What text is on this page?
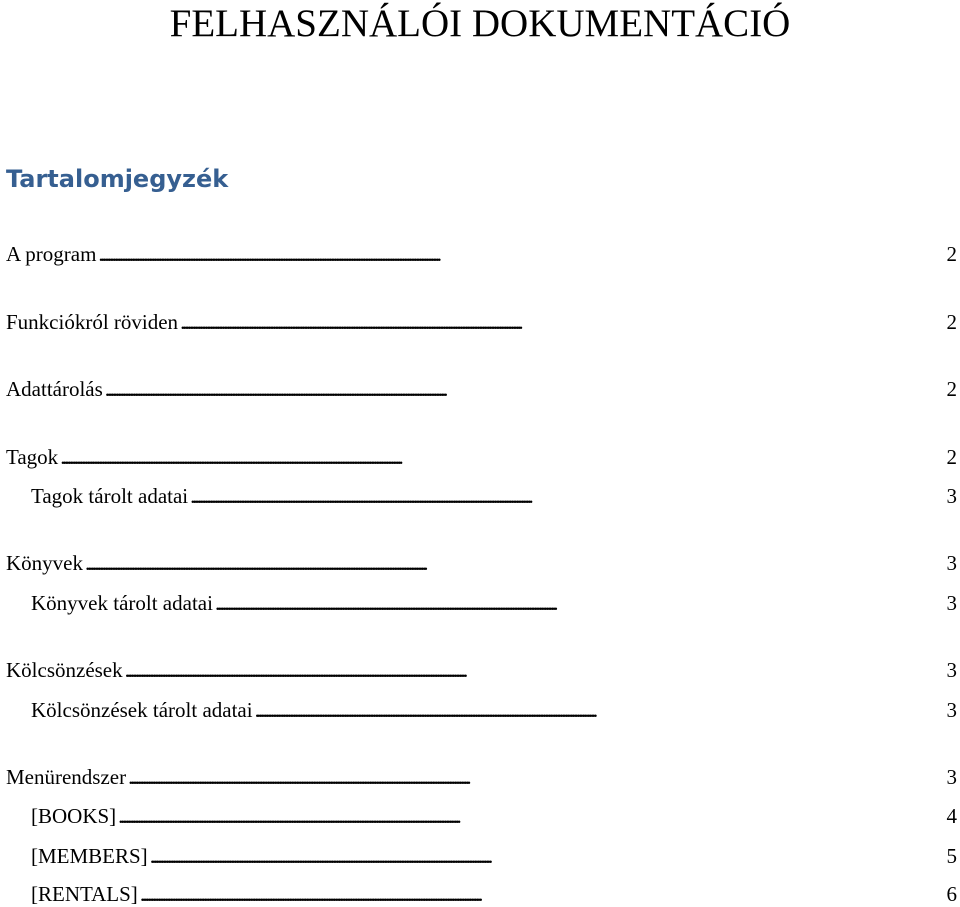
FELHASZNÁLÓI DOKUMENTÁCIÓ
Tartalomjegyzék
A program . . .	2
Funkciókról röviden . . .	2
Adattárolás . . .	2
Tagok . . .	2
Tagok tárolt adatai . . .	3
Könyvek . . .	3
Könyvek tárolt adatai . . .	3
Kölcsönzések . . .	3
Kölcsönzések tárolt adatai . . .	3
Menürendszer . . .	3
[BOOKS] . . .	4
[MEMBERS] . . .	5
[RENTALS] . . .	6
